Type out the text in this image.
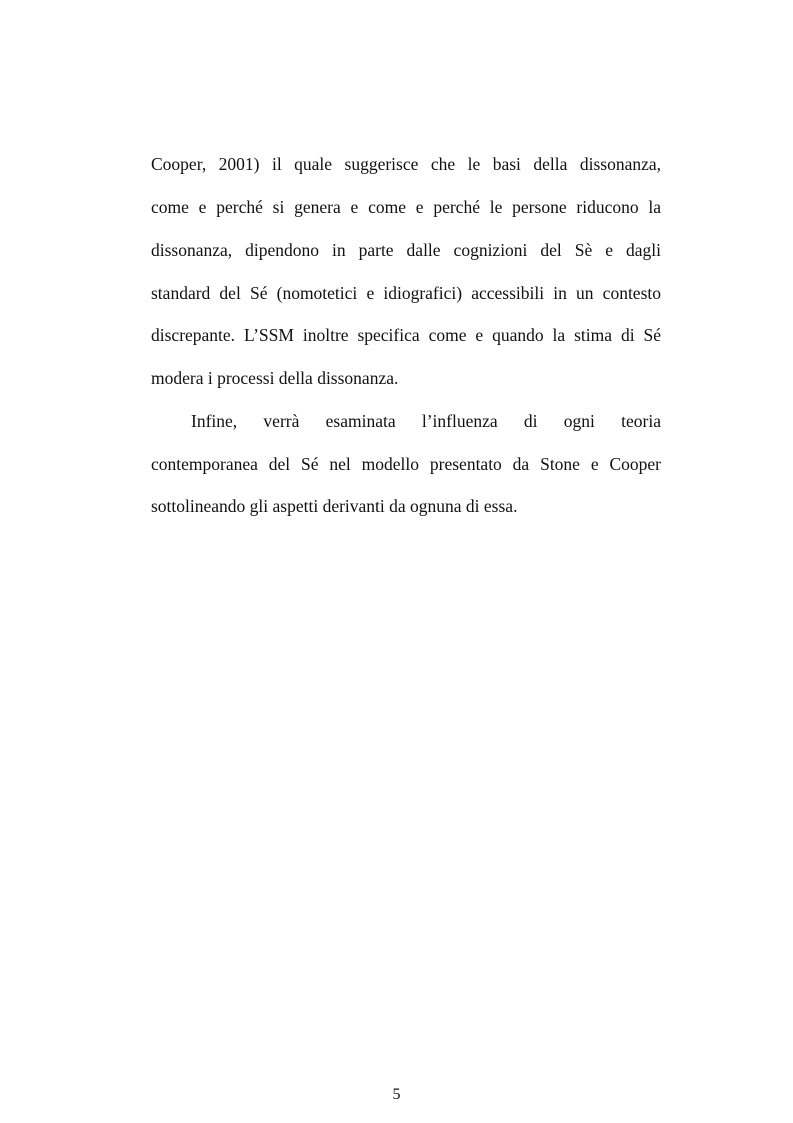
Cooper, 2001) il quale suggerisce che le basi della dissonanza,

come e perché si genera e come e perché le persone riducono la

dissonanza, dipendono in parte dalle cognizioni del Sè e dagli

standard del Sé (nomotetici e idiografici) accessibili in un contesto

discrepante. L’SSM inoltre specifica come e quando la stima di Sé

modera i processi della dissonanza.

Infine, verrà esaminata l’influenza di ogni teoria

contemporanea del Sé nel modello presentato da Stone e Cooper

sottolineando gli aspetti derivanti da ognuna di essa.

5
